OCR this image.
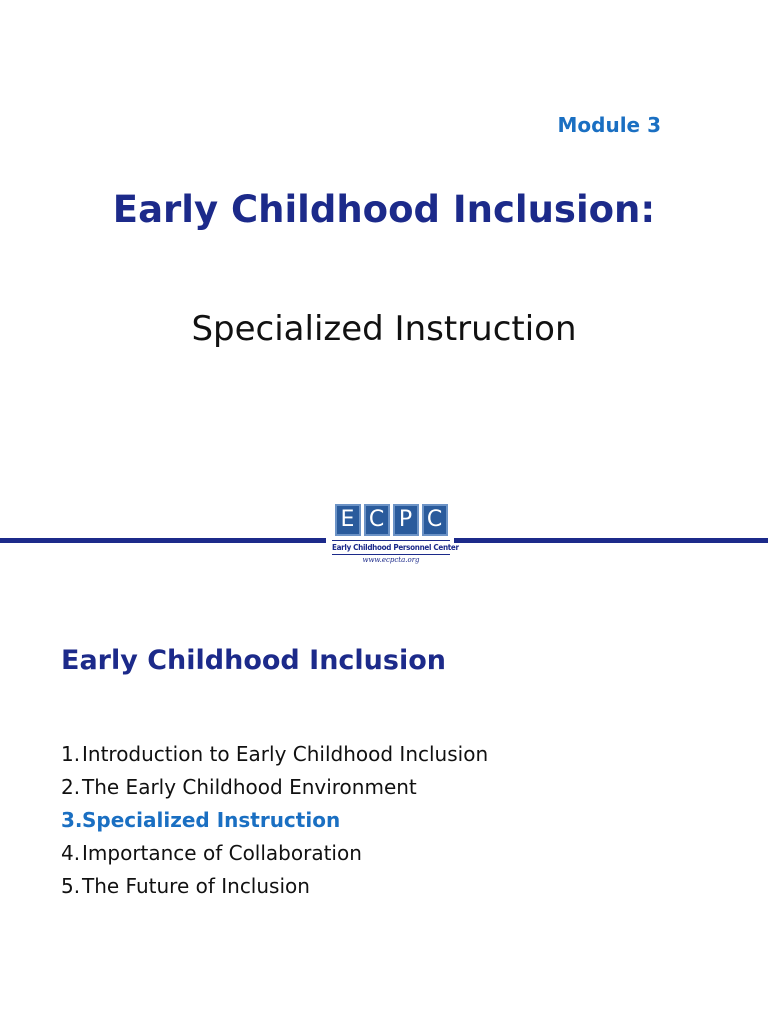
Module 3
Early Childhood Inclusion:
Specialized Instruction
E C P C
Early Childhood Personnel Center
www.ecpcta.org
Early Childhood Inclusion
1. Introduction to Early Childhood Inclusion
2. The Early Childhood Environment
3. Specialized Instruction
4. Importance of Collaboration
5. The Future of Inclusion
